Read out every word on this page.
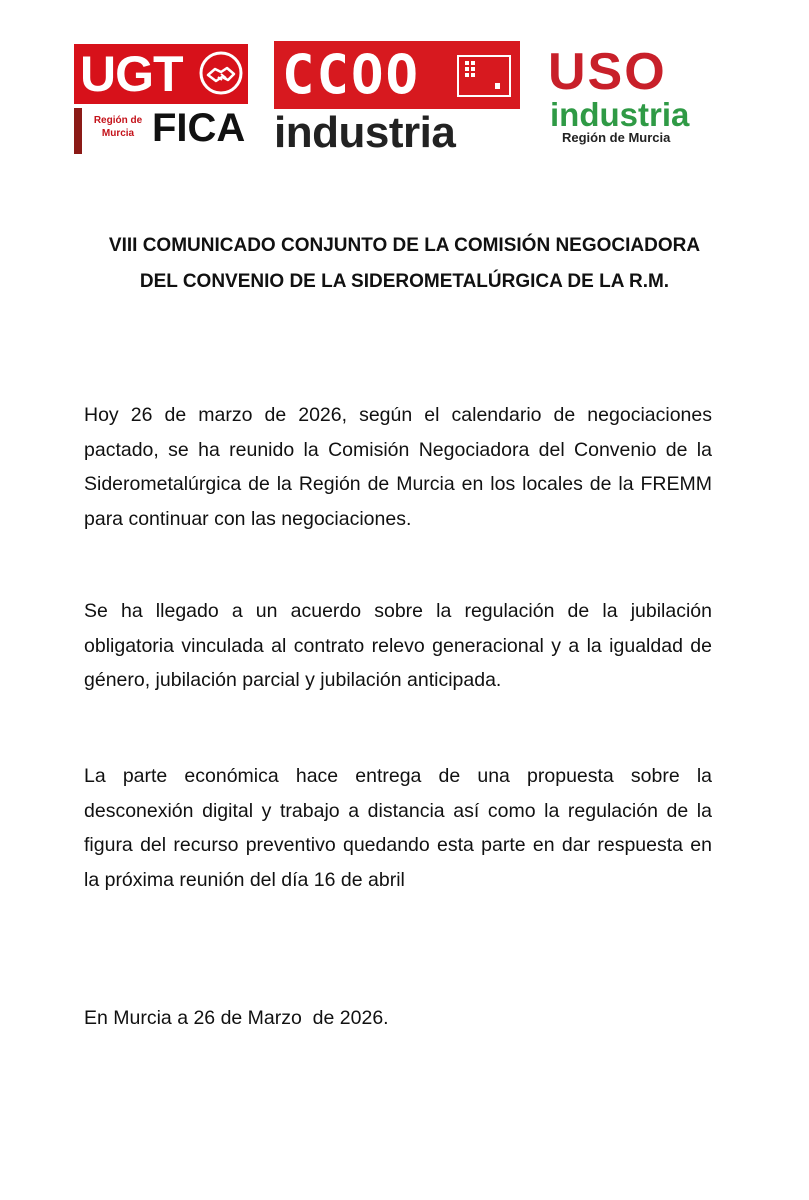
UGT
Región de Murcia FICA
CCOO
industria
USO
industria
Región de Murcia
VIII COMUNICADO CONJUNTO DE LA COMISIÓN NEGOCIADORA
DEL CONVENIO DE LA SIDEROMETALÚRGICA DE LA R.M.

Hoy 26 de marzo de 2026, según el calendario de negociaciones pactado, se ha reunido la Comisión Negociadora del Convenio de la Siderometalúrgica de la Región de Murcia en los locales de la FREMM para continuar con las negociaciones.

Se ha llegado a un acuerdo sobre la regulación de la jubilación obligatoria vinculada al contrato relevo generacional y a la igualdad de género, jubilación parcial y jubilación anticipada.

La parte económica hace entrega de una propuesta sobre la desconexión digital y trabajo a distancia así como la regulación de la figura del recurso preventivo quedando esta parte en dar respuesta en la próxima reunión del día 16 de abril

En Murcia a 26 de Marzo  de 2026.
